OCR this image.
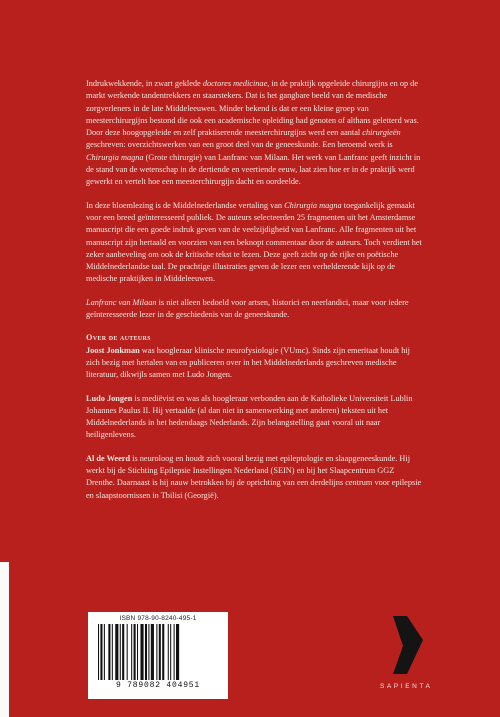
Indrukwekkende, in zwart geklede doctores medicinae, in de praktijk opgeleide chirurgijns en op de markt werkende tandentrekkers en staarstekers. Dat is het gangbare beeld van de medische zorgverleners in de late Middeleeuwen. Minder bekend is dat er een kleine groep van meesterchirurgijns bestond die ook een academische opleiding had genoten of althans geletterd was. Door deze hoogopgeleide en zelf praktiserende meesterchirurgijns werd een aantal chirurgieën geschreven: overzichtswerken van een groot deel van de geneeskunde. Een beroemd werk is Chirurgia magna (Grote chirurgie) van Lanfranc van Milaan. Het werk van Lanfranc geeft inzicht in de stand van de wetenschap in de dertiende en veertiende eeuw, laat zien hoe er in de praktijk werd gewerkt en vertelt hoe een meesterchirurgijn dacht en oordeelde.

In deze bloemlezing is de Middelnederlandse vertaling van Chirurgia magna toegankelijk gemaakt voor een breed geïnteresseerd publiek. De auteurs selecteerden 25 fragmenten uit het Amsterdamse manuscript die een goede indruk geven van de veelzijdigheid van Lanfranc. Alle fragmenten uit het manuscript zijn hertaald en voorzien van een beknopt commentaar door de auteurs. Toch verdient het zeker aanbeveling om ook de kritische tekst te lezen. Deze geeft zicht op de rijke en poëtische Middelnederlandse taal. De prachtige illustraties geven de lezer een verhelderende kijk op de medische praktijken in Middeleeuwen.

Lanfranc van Milaan is niet alleen bedoeld voor artsen, historici en neerlandici, maar voor iedere geïnteresseerde lezer in de geschiedenis van de geneeskunde.

Over de auteurs

Joost Jonkman was hoogleraar klinische neurofysiologie (VUmc). Sinds zijn emeritaat houdt hij zich bezig met hertalen van en publiceren over in het Middelnederlands geschreven medische literatuur, dikwijls samen met Ludo Jongen.

Ludo Jongen is mediëvist en was als hoogleraar verbonden aan de Katholieke Universiteit Lublin Johannes Paulus II. Hij vertaalde (al dan niet in samenwerking met anderen) teksten uit het Middelnederlands in het hedendaags Nederlands. Zijn belangstelling gaat vooral uit naar heiligenlevens.

Al de Weerd is neuroloog en houdt zich vooral bezig met epileptologie en slaapgeneeskunde. Hij werkt bij de Stichting Epilepsie Instellingen Nederland (SEIN) en bij het Slaapcentrum GGZ Drenthe. Daarnaast is hij nauw betrokken bij de oprichting van een derdelijns centrum voor epilepsie en slaapstoornissen in Tbilisi (Georgië).

ISBN 978-90-8240-495-1
9 789082 404951	SAPIENTA
